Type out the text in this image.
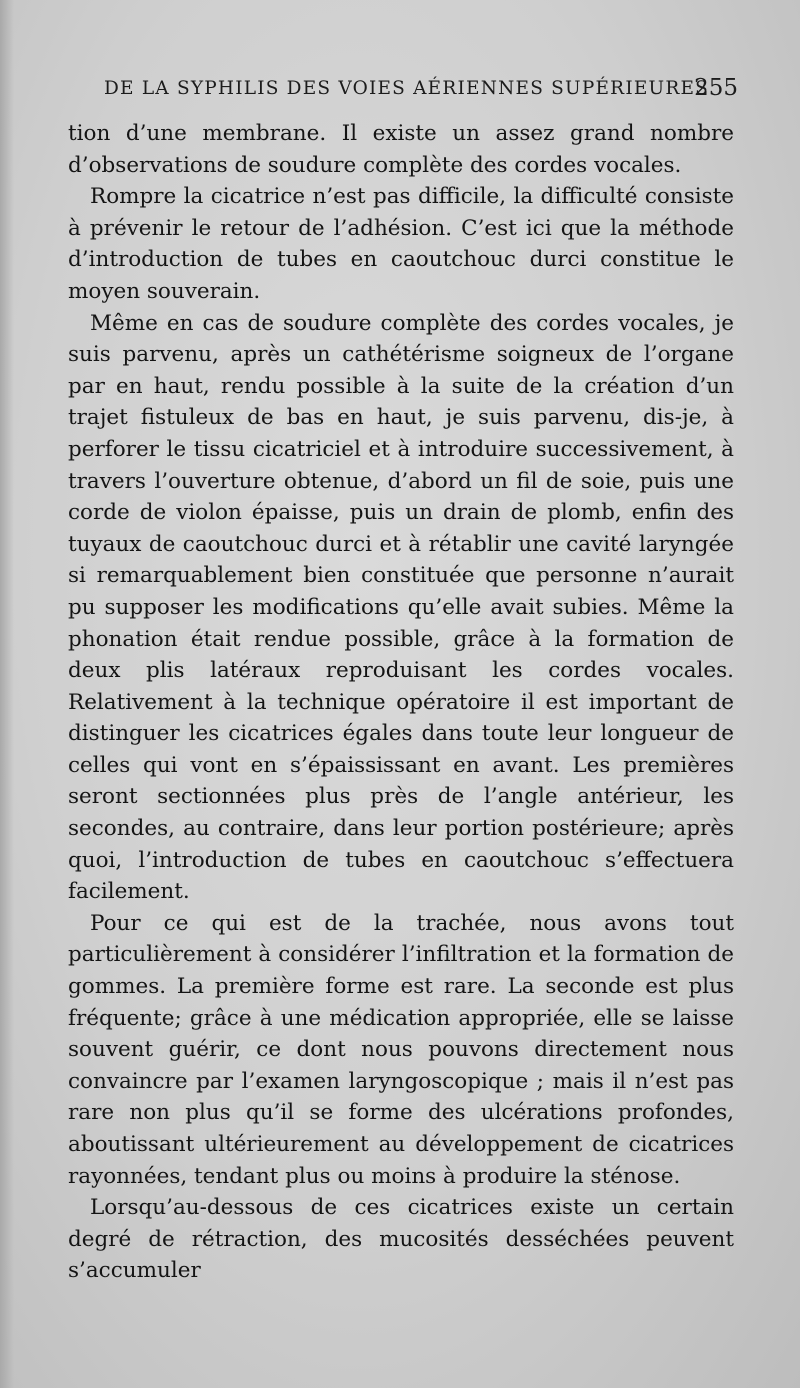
DE LA SYPHILIS DES VOIES AÉRIENNES SUPÉRIEURES
255

tion d’une membrane. Il existe un assez grand nombre d’observations de soudure complète des cordes vocales.

Rompre la cicatrice n’est pas difficile, la difficulté consiste à prévenir le retour de l’adhésion. C’est ici que la méthode d’introduction de tubes en caoutchouc durci constitue le moyen souverain.

Même en cas de soudure complète des cordes vocales, je suis parvenu, après un cathétérisme soigneux de l’organe par en haut, rendu possible à la suite de la création d’un trajet fistuleux de bas en haut, je suis parvenu, dis-je, à perforer le tissu cicatriciel et à introduire successivement, à travers l’ouverture obtenue, d’abord un fil de soie, puis une corde de violon épaisse, puis un drain de plomb, enfin des tuyaux de caoutchouc durci et à rétablir une cavité laryngée si remarquablement bien constituée que personne n’aurait pu supposer les modifications qu’elle avait subies. Même la phonation était rendue possible, grâce à la formation de deux plis latéraux reproduisant les cordes vocales. Relativement à la technique opératoire il est important de distinguer les cicatrices égales dans toute leur longueur de celles qui vont en s’épaississant en avant. Les premières seront sectionnées plus près de l’angle antérieur, les secondes, au contraire, dans leur portion postérieure; après quoi, l’introduction de tubes en caoutchouc s’effectuera facilement.

Pour ce qui est de la trachée, nous avons tout particulièrement à considérer l’infiltration et la formation de gommes. La première forme est rare. La seconde est plus fréquente; grâce à une médication appropriée, elle se laisse souvent guérir, ce dont nous pouvons directement nous convaincre par l’examen laryngoscopique ; mais il n’est pas rare non plus qu’il se forme des ulcérations profondes, aboutissant ultérieurement au développement de cicatrices rayonnées, tendant plus ou moins à produire la sténose.

Lorsqu’au-dessous de ces cicatrices existe un certain degré de rétraction, des mucosités desséchées peuvent s’accumuler
